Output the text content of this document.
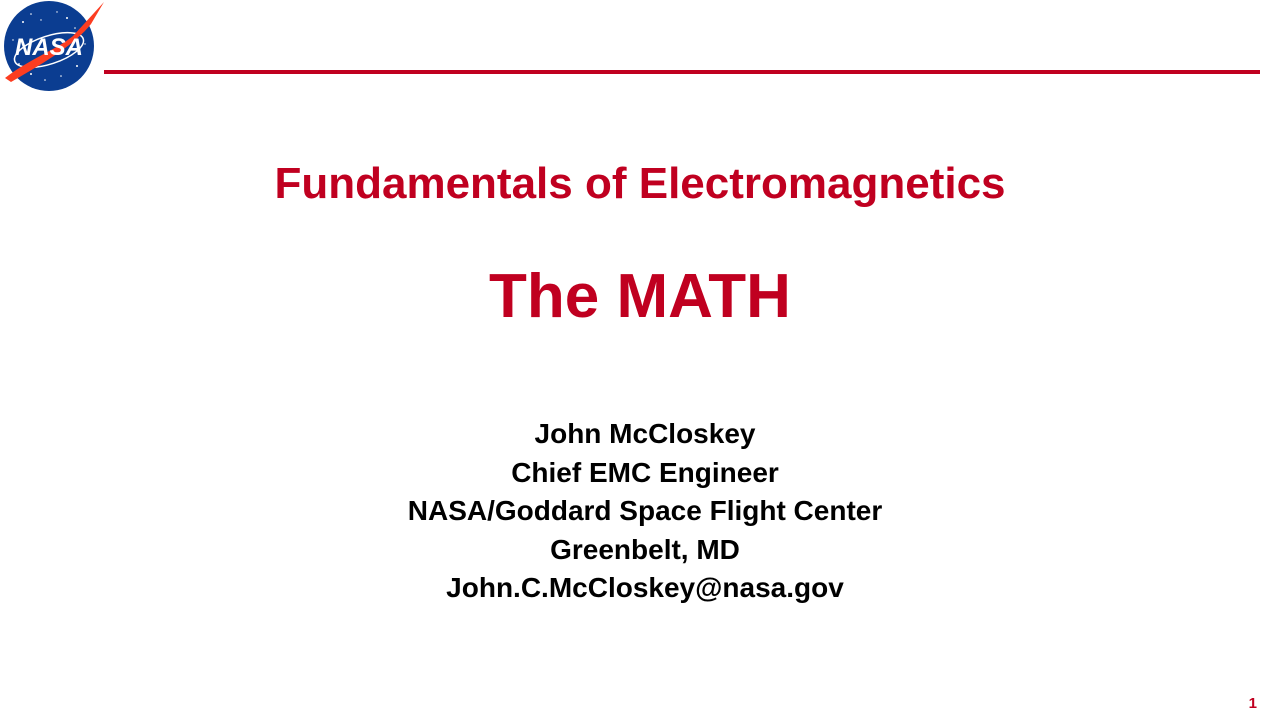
NASA
Fundamentals of Electromagnetics
The MATH
John McCloskey
Chief EMC Engineer
NASA/Goddard Space Flight Center
Greenbelt, MD
John.C.McCloskey@nasa.gov
1
